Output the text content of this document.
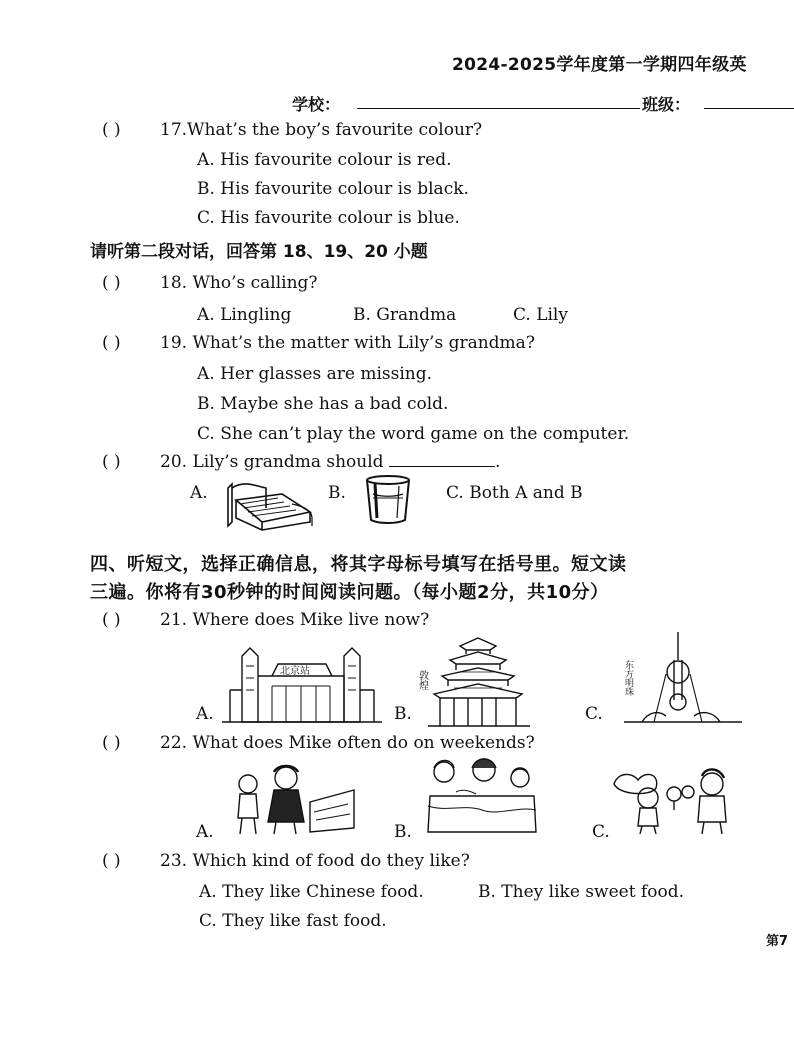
2024-2025学年度第一学期四年级英
学校：	班级：
( ) 17.What’s the boy’s favourite colour?
A. His favourite colour is red.
B. His favourite colour is black.
C. His favourite colour is blue.
请听第二段对话，回答第 18、19、20 小题
( ) 18. Who’s calling?
A. Lingling	B. Grandma	C. Lily
( ) 19. What’s the matter with Lily’s grandma?
A. Her glasses are missing.
B. Maybe she has a bad cold.
C. She can’t play the word game on the computer.
( ) 20. Lily’s grandma should	.
A.	B.	C. Both A and B
四、听短文，选择正确信息，将其字母标号填写在括号里。短文读
三遍。你将有30秒钟的时间阅读问题。（每小题2分，共10分）
( ) 21. Where does Mike live now?
A.
北京站
B.
敦煌
C.
东方明珠
( ) 22. What does Mike often do on weekends?
A.	B.	C.
( ) 23. Which kind of food do they like?
A. They like Chinese food.	B. They like sweet food.
C. They like fast food.
第7
